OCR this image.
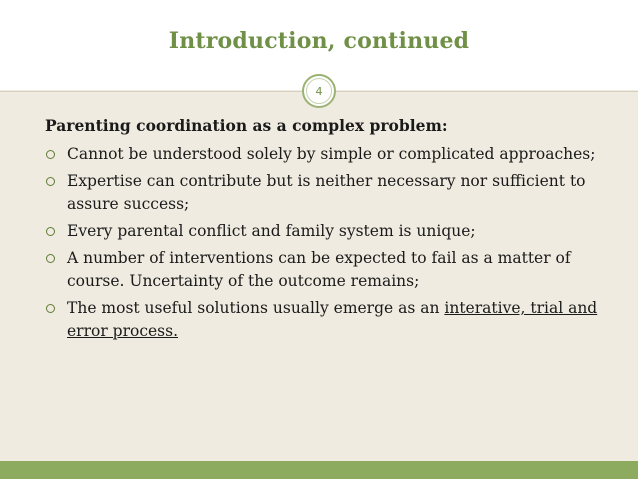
Introduction, continued
4

Parenting coordination as a complex problem:

Cannot be understood solely by simple or complicated approaches;
Expertise can contribute but is neither necessary nor sufficient to assure success;
Every parental conflict and family system is unique;
A number of interventions can be expected to fail as a matter of course. Uncertainty of the outcome remains;
The most useful solutions usually emerge as an interative, trial and error process.
